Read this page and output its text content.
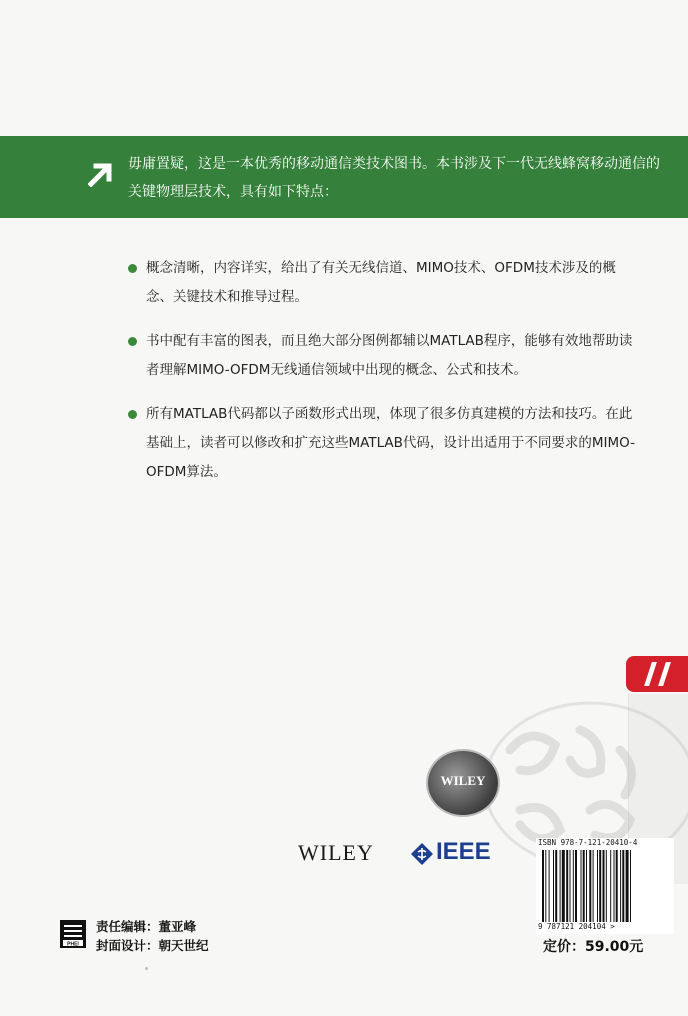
毋庸置疑，这是一本优秀的移动通信类技术图书。本书涉及下一代无线蜂窝移动通信的关键物理层技术，具有如下特点：
概念清晰，内容详实，给出了有关无线信道、MIMO技术、OFDM技术涉及的概念、关键技术和推导过程。
书中配有丰富的图表，而且绝大部分图例都辅以MATLAB程序，能够有效地帮助读者理解MIMO-OFDM无线通信领域中出现的概念、公式和技术。
所有MATLAB代码都以子函数形式出现，体现了很多仿真建模的方法和技巧。在此基础上，读者可以修改和扩充这些MATLAB代码，设计出适用于不同要求的MIMO-OFDM算法。
WILEY
WILEY	IEEE	ISBN 978-7-121-20410-4
9 787121 204104 >
定价：59.00元
PHEI
责任编辑：董亚峰
封面设计：朝天世纪
